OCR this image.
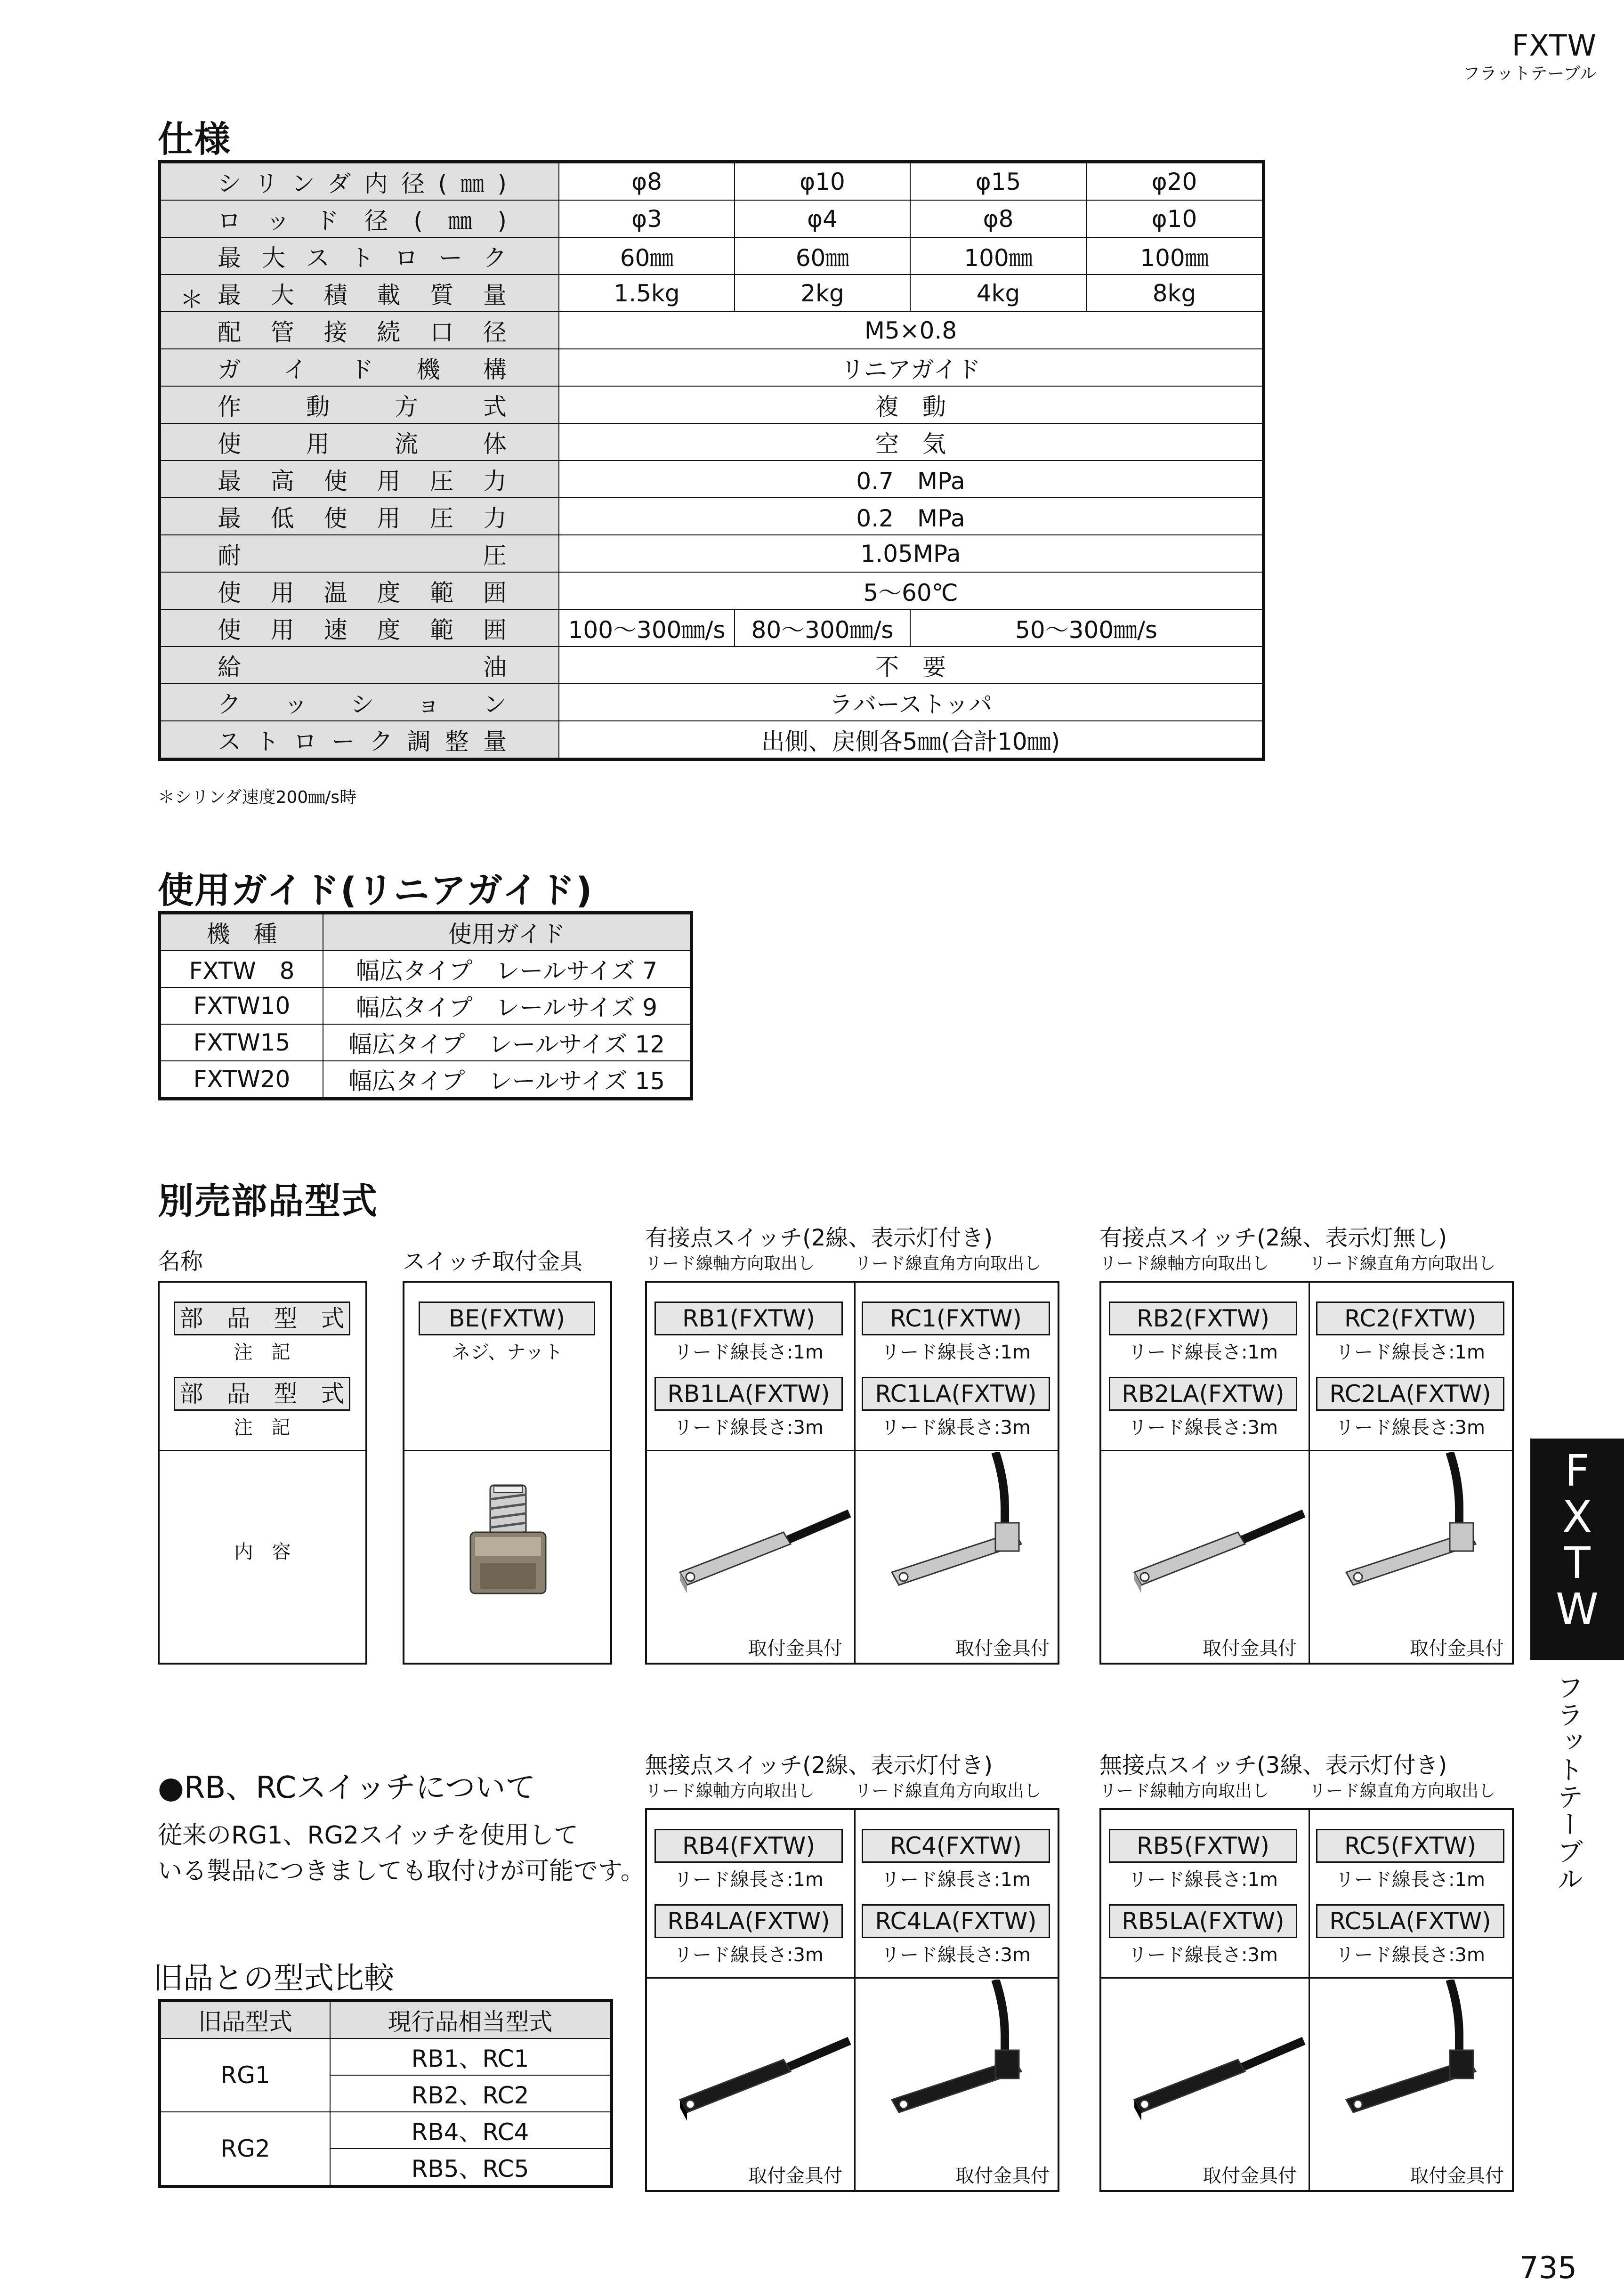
FXTW
フラットテーブル
仕様
シリンダ内径(㎜)	φ8	φ10	φ15	φ20
ロッド径(㎜)	φ3	φ4	φ8	φ10
最大ストローク	60㎜	60㎜	100㎜	100㎜

＊ 最大積載質量	1.5kg	2kg	4kg	8kg
配管接続口径	M5×0.8			
ガイド機構	リニアガイド			
作動方式	複　動			
使用流体	空　気			
最高使用圧力	0.7　MPa			
最低使用圧力	0.2　MPa			
耐圧	1.05MPa			
使用温度範囲	5〜60℃			
使用速度範囲	100〜300㎜/s	80〜300㎜/s	50〜300㎜/s	
給油	不　要			
クッション	ラバーストッパ			
ストローク調整量	出側、戻側各5㎜(合計10㎜)			
＊シリンダ速度200㎜/s時
使用ガイド(リニアガイド)
機　種	使用ガイド
FXTW　8	幅広タイプ　レールサイズ 7
FXTW10	幅広タイプ　レールサイズ 9
FXTW15	幅広タイプ　レールサイズ 12
FXTW20	幅広タイプ　レールサイズ 15
別売部品型式
名称	スイッチ取付金具
部　品　型　式
注　記
部　品　型　式
注　記
内　容
BE(FXTW)
ネジ、ナット
有接点スイッチ(2線、表示灯付き)
リード線軸方向取出し リード線直角方向取出し
RB1(FXTW)
リード線長さ:1m
RB1LA(FXTW)
リード線長さ:3m
RC1(FXTW)
リード線長さ:1m
RC1LA(FXTW)
リード線長さ:3m
取付金具付	取付金具付
有接点スイッチ(2線、表示灯無し)
リード線軸方向取出し リード線直角方向取出し
RB2(FXTW)
リード線長さ:1m
RB2LA(FXTW)
リード線長さ:3m
RC2(FXTW)
リード線長さ:1m
RC2LA(FXTW)
リード線長さ:3m
取付金具付	取付金具付
無接点スイッチ(2線、表示灯付き)
リード線軸方向取出し リード線直角方向取出し
RB4(FXTW)
リード線長さ:1m
RB4LA(FXTW)
リード線長さ:3m
RC4(FXTW)
リード線長さ:1m
RC4LA(FXTW)
リード線長さ:3m
取付金具付	取付金具付
無接点スイッチ(3線、表示灯付き)
リード線軸方向取出し リード線直角方向取出し
RB5(FXTW)
リード線長さ:1m
RB5LA(FXTW)
リード線長さ:3m
RC5(FXTW)
リード線長さ:1m
RC5LA(FXTW)
リード線長さ:3m
取付金具付	取付金具付
●RB、RCスイッチについて
従来のRG1、RG2スイッチを使用して
いる製品につきましても取付けが可能です。
旧品との型式比較
旧品型式	現行品相当型式
RG1	RB1、RC1
	RB2、RC2
RG2	RB4、RC4
	RB5、RC5
F
X
T
W
フラットテーブル
735
